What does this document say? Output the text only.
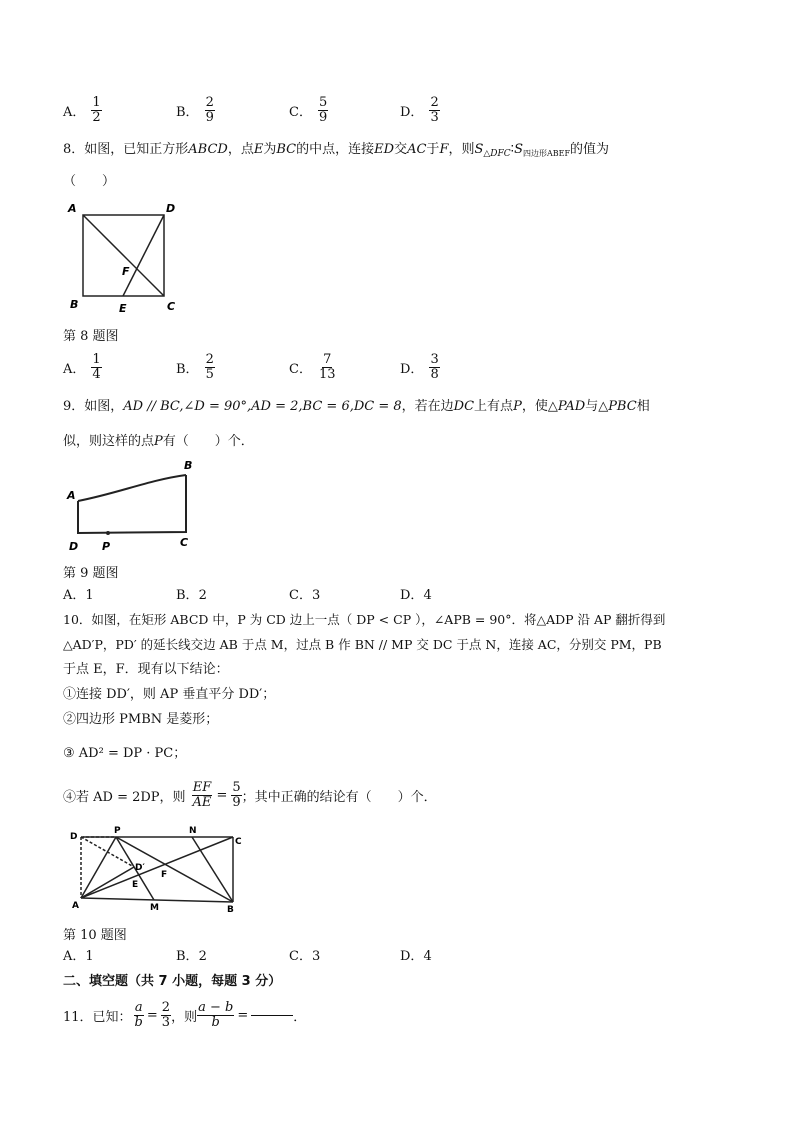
A． $\frac{1}{2}$	B． $\frac{2}{9}$	C． $\frac{5}{9}$	D． $\frac{2}{3}$
8．如图，已知正方形ABCD，点E为BC的中点，连接ED交AC于F，则$S_{\triangle DFC}∶S_{四边形ABEF}$的值为
（　　）
A	D
B	C
E
F
第 8 题图
A． $\frac{1}{4}$	B． $\frac{2}{5}$	C． $\frac{7}{13}$	D． $\frac{3}{8}$
9．如图，AD // BC,∠D = 90°,AD = 2,BC = 6,DC = 8，若在边DC上有点P，使△PAD与△PBC相
似，则这样的点P有（　　）个．
A
B
C
D P
第 9 题图
A．1	B．2	C．3	D．4
10．如图，在矩形 ABCD 中，P 为 CD 边上一点（ DP < CP ），∠APB = 90°．将△ADP 沿 AP 翻折得到
△AD′P，PD′ 的延长线交边 AB 于点 M，过点 B 作 BN // MP 交 DC 于点 N，连接 AC，分别交 PM，PB
于点 E，F．现有以下结论：
①连接 DD′，则 AP 垂直平分 DD′；
②四边形 PMBN 是菱形；
③ AD² = DP · PC；
④若 AD = 2DP，则 $\frac{EF}{AE} = \frac{5}{9}$ ；其中正确的结论有（　　）个．
D
P	N
C
A	M	B
E
F
D′
第 10 题图
A．1	B．2	C．3	D．4
二、填空题（共 7 小题，每题 3 分）
11．已知： $\frac{a}{b} = \frac{2}{3}$ ，则 $\frac{a - b}{b}$ =	．
